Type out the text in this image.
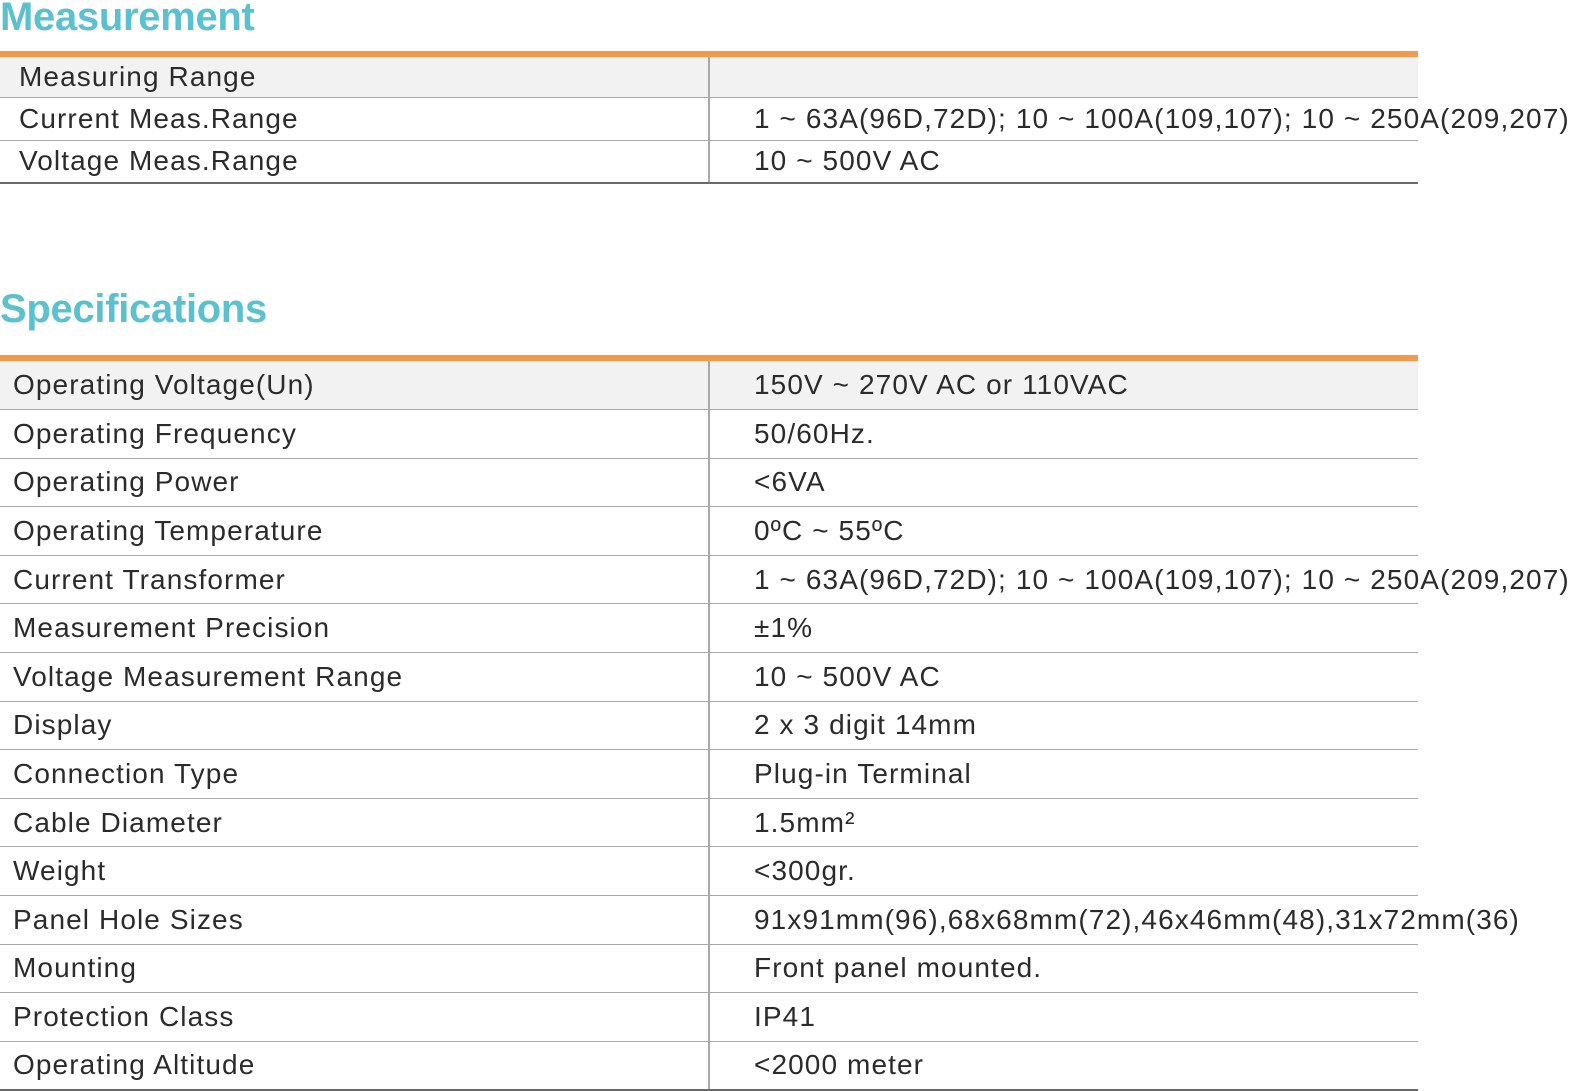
Measurement

Measuring Range	
Current Meas.Range	1 ~ 63A(96D,72D); 10 ~ 100A(109,107); 10 ~ 250A(209,207)
Voltage Meas.Range	10 ~ 500V AC
Specifications

Operating Voltage(Un)	150V ~ 270V AC or 110VAC
Operating Frequency	50/60Hz.
Operating Power	<6VA
Operating Temperature	0ºC ~ 55ºC
Current Transformer	1 ~ 63A(96D,72D); 10 ~ 100A(109,107); 10 ~ 250A(209,207)
Measurement Precision	±1%
Voltage Measurement Range	10 ~ 500V AC
Display	2 x 3 digit 14mm
Connection Type	Plug-in Terminal
Cable Diameter	1.5mm²
Weight	<300gr.
Panel Hole Sizes	91x91mm(96),68x68mm(72),46x46mm(48),31x72mm(36)
Mounting	Front panel mounted.
Protection Class	IP41
Operating Altitude	<2000 meter
